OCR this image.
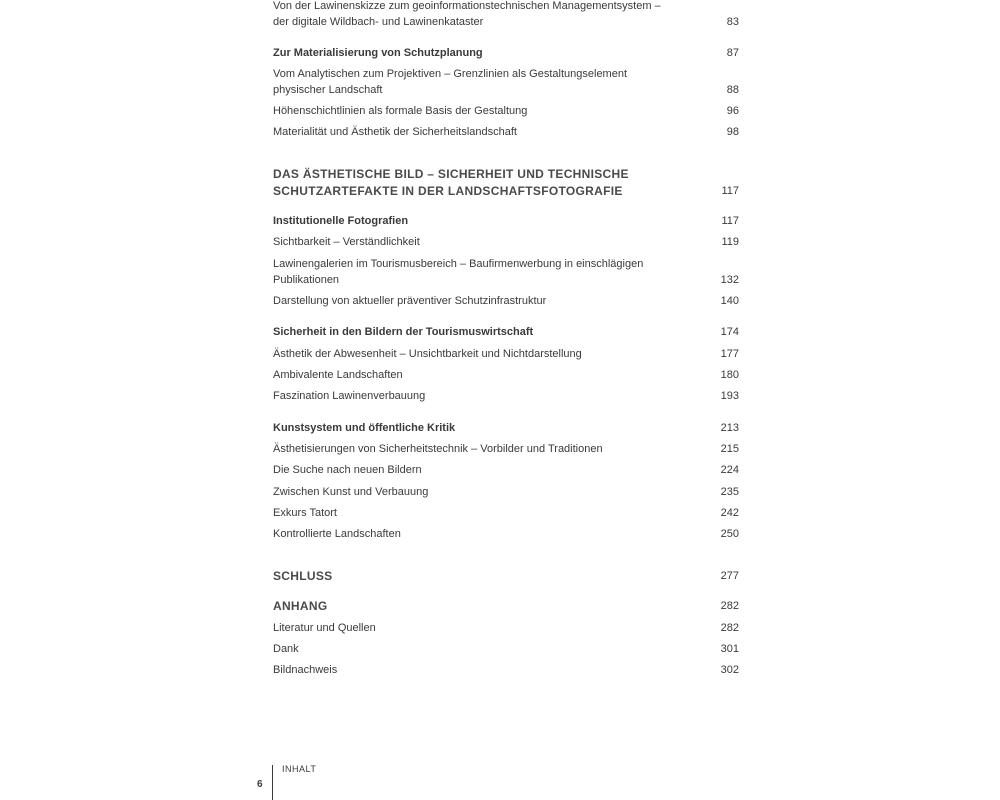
Von der Lawinenskizze zum geoinformationstechnischen Managementsystem – der digitale Wildbach- und Lawinenkataster	83
Zur Materialisierung von Schutzplanung	87
Vom Analytischen zum Projektiven – Grenzlinien als Gestaltungselement physischer Landschaft	88
Höhenschichtlinien als formale Basis der Gestaltung	96
Materialität und Ästhetik der Sicherheitslandschaft	98
DAS ÄSTHETISCHE BILD – SICHERHEIT UND TECHNISCHE SCHUTZARTEFAKTE IN DER LANDSCHAFTSFOTOGRAFIE	117
Institutionelle Fotografien	117
Sichtbarkeit – Verständlichkeit	119
Lawinengalerien im Tourismusbereich – Baufirmenwerbung in einschlägigen Publikationen	132
Darstellung von aktueller präventiver Schutzinfrastruktur	140
Sicherheit in den Bildern der Tourismuswirtschaft	174
Ästhetik der Abwesenheit – Unsichtbarkeit und Nichtdarstellung	177
Ambivalente Landschaften	180
Faszination Lawinenverbauung	193
Kunstsystem und öffentliche Kritik	213
Ästhetisierungen von Sicherheitstechnik – Vorbilder und Traditionen	215
Die Suche nach neuen Bildern	224
Zwischen Kunst und Verbauung	235
Exkurs Tatort	242
Kontrollierte Landschaften	250
SCHLUSS	277
ANHANG	282
Literatur und Quellen	282
Dank	301
Bildnachweis	302
INHALT
6
